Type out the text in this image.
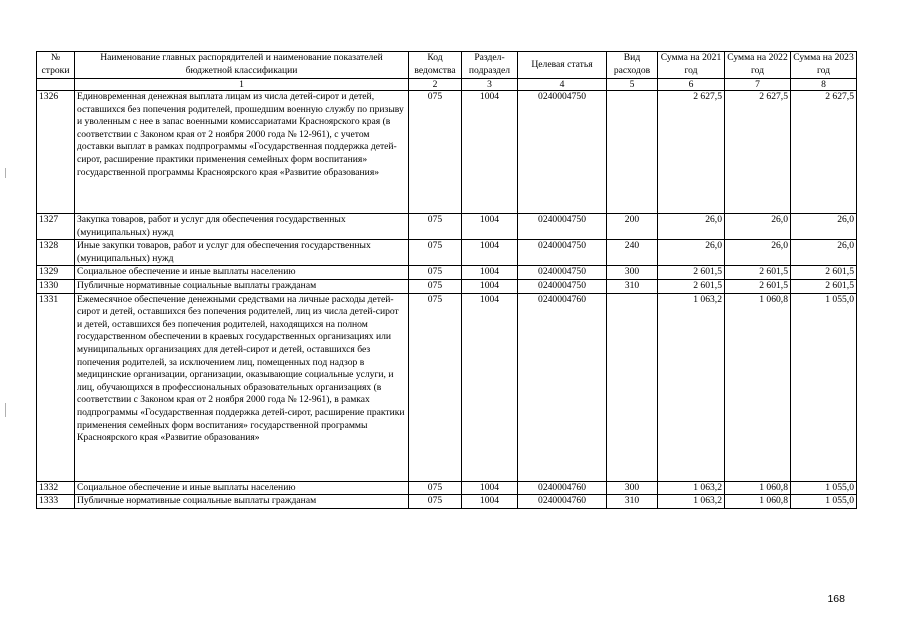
№ строки	Наименование главных распорядителей и наименование показателей бюджетной классификации	Код ведомства	Раздел-подраздел	Целевая статья	Вид расходов	Сумма на 2021 год	Сумма на 2022 год	Сумма на 2023 год
	1	2	3	4	5	6	7	8
1326	Единовременная денежная выплата лицам из числа детей-сирот и детей, оставшихся без попечения родителей, прошедшим военную службу по призыву и уволенным с нее в запас военными комиссариатами Красноярского края (в соответствии с Законом края от 2 ноября 2000 года № 12-961), с учетом доставки выплат в рамках подпрограммы «Государственная поддержка детей-сирот, расширение практики применения семейных форм воспитания» государственной программы Красноярского края «Развитие образования»	075	1004	0240004750		2 627,5	2 627,5	2 627,5
1327	Закупка товаров, работ и услуг для обеспечения государственных (муниципальных) нужд	075	1004	0240004750	200	26,0	26,0	26,0
1328	Иные закупки товаров, работ и услуг для обеспечения государственных (муниципальных) нужд	075	1004	0240004750	240	26,0	26,0	26,0
1329	Социальное обеспечение и иные выплаты населению	075	1004	0240004750	300	2 601,5	2 601,5	2 601,5
1330	Публичные нормативные социальные выплаты гражданам	075	1004	0240004750	310	2 601,5	2 601,5	2 601,5
1331	Ежемесячное обеспечение денежными средствами на личные расходы детей-сирот и детей, оставшихся без попечения родителей, лиц из числа детей-сирот и детей, оставшихся без попечения родителей, находящихся на полном государственном обеспечении в краевых государственных организациях или муниципальных организациях для детей-сирот и детей, оставшихся без попечения родителей, за исключением лиц, помещенных под надзор в медицинские организации, организации, оказывающие социальные услуги, и лиц, обучающихся в профессиональных образовательных организациях (в соответствии с Законом края от 2 ноября 2000 года № 12-961), в рамках подпрограммы «Государственная поддержка детей-сирот, расширение практики применения семейных форм воспитания» государственной программы Красноярского края «Развитие образования»	075	1004	0240004760		1 063,2	1 060,8	1 055,0
1332	Социальное обеспечение и иные выплаты населению	075	1004	0240004760	300	1 063,2	1 060,8	1 055,0
1333	Публичные нормативные социальные выплаты гражданам	075	1004	0240004760	310	1 063,2	1 060,8	1 055,0
168
